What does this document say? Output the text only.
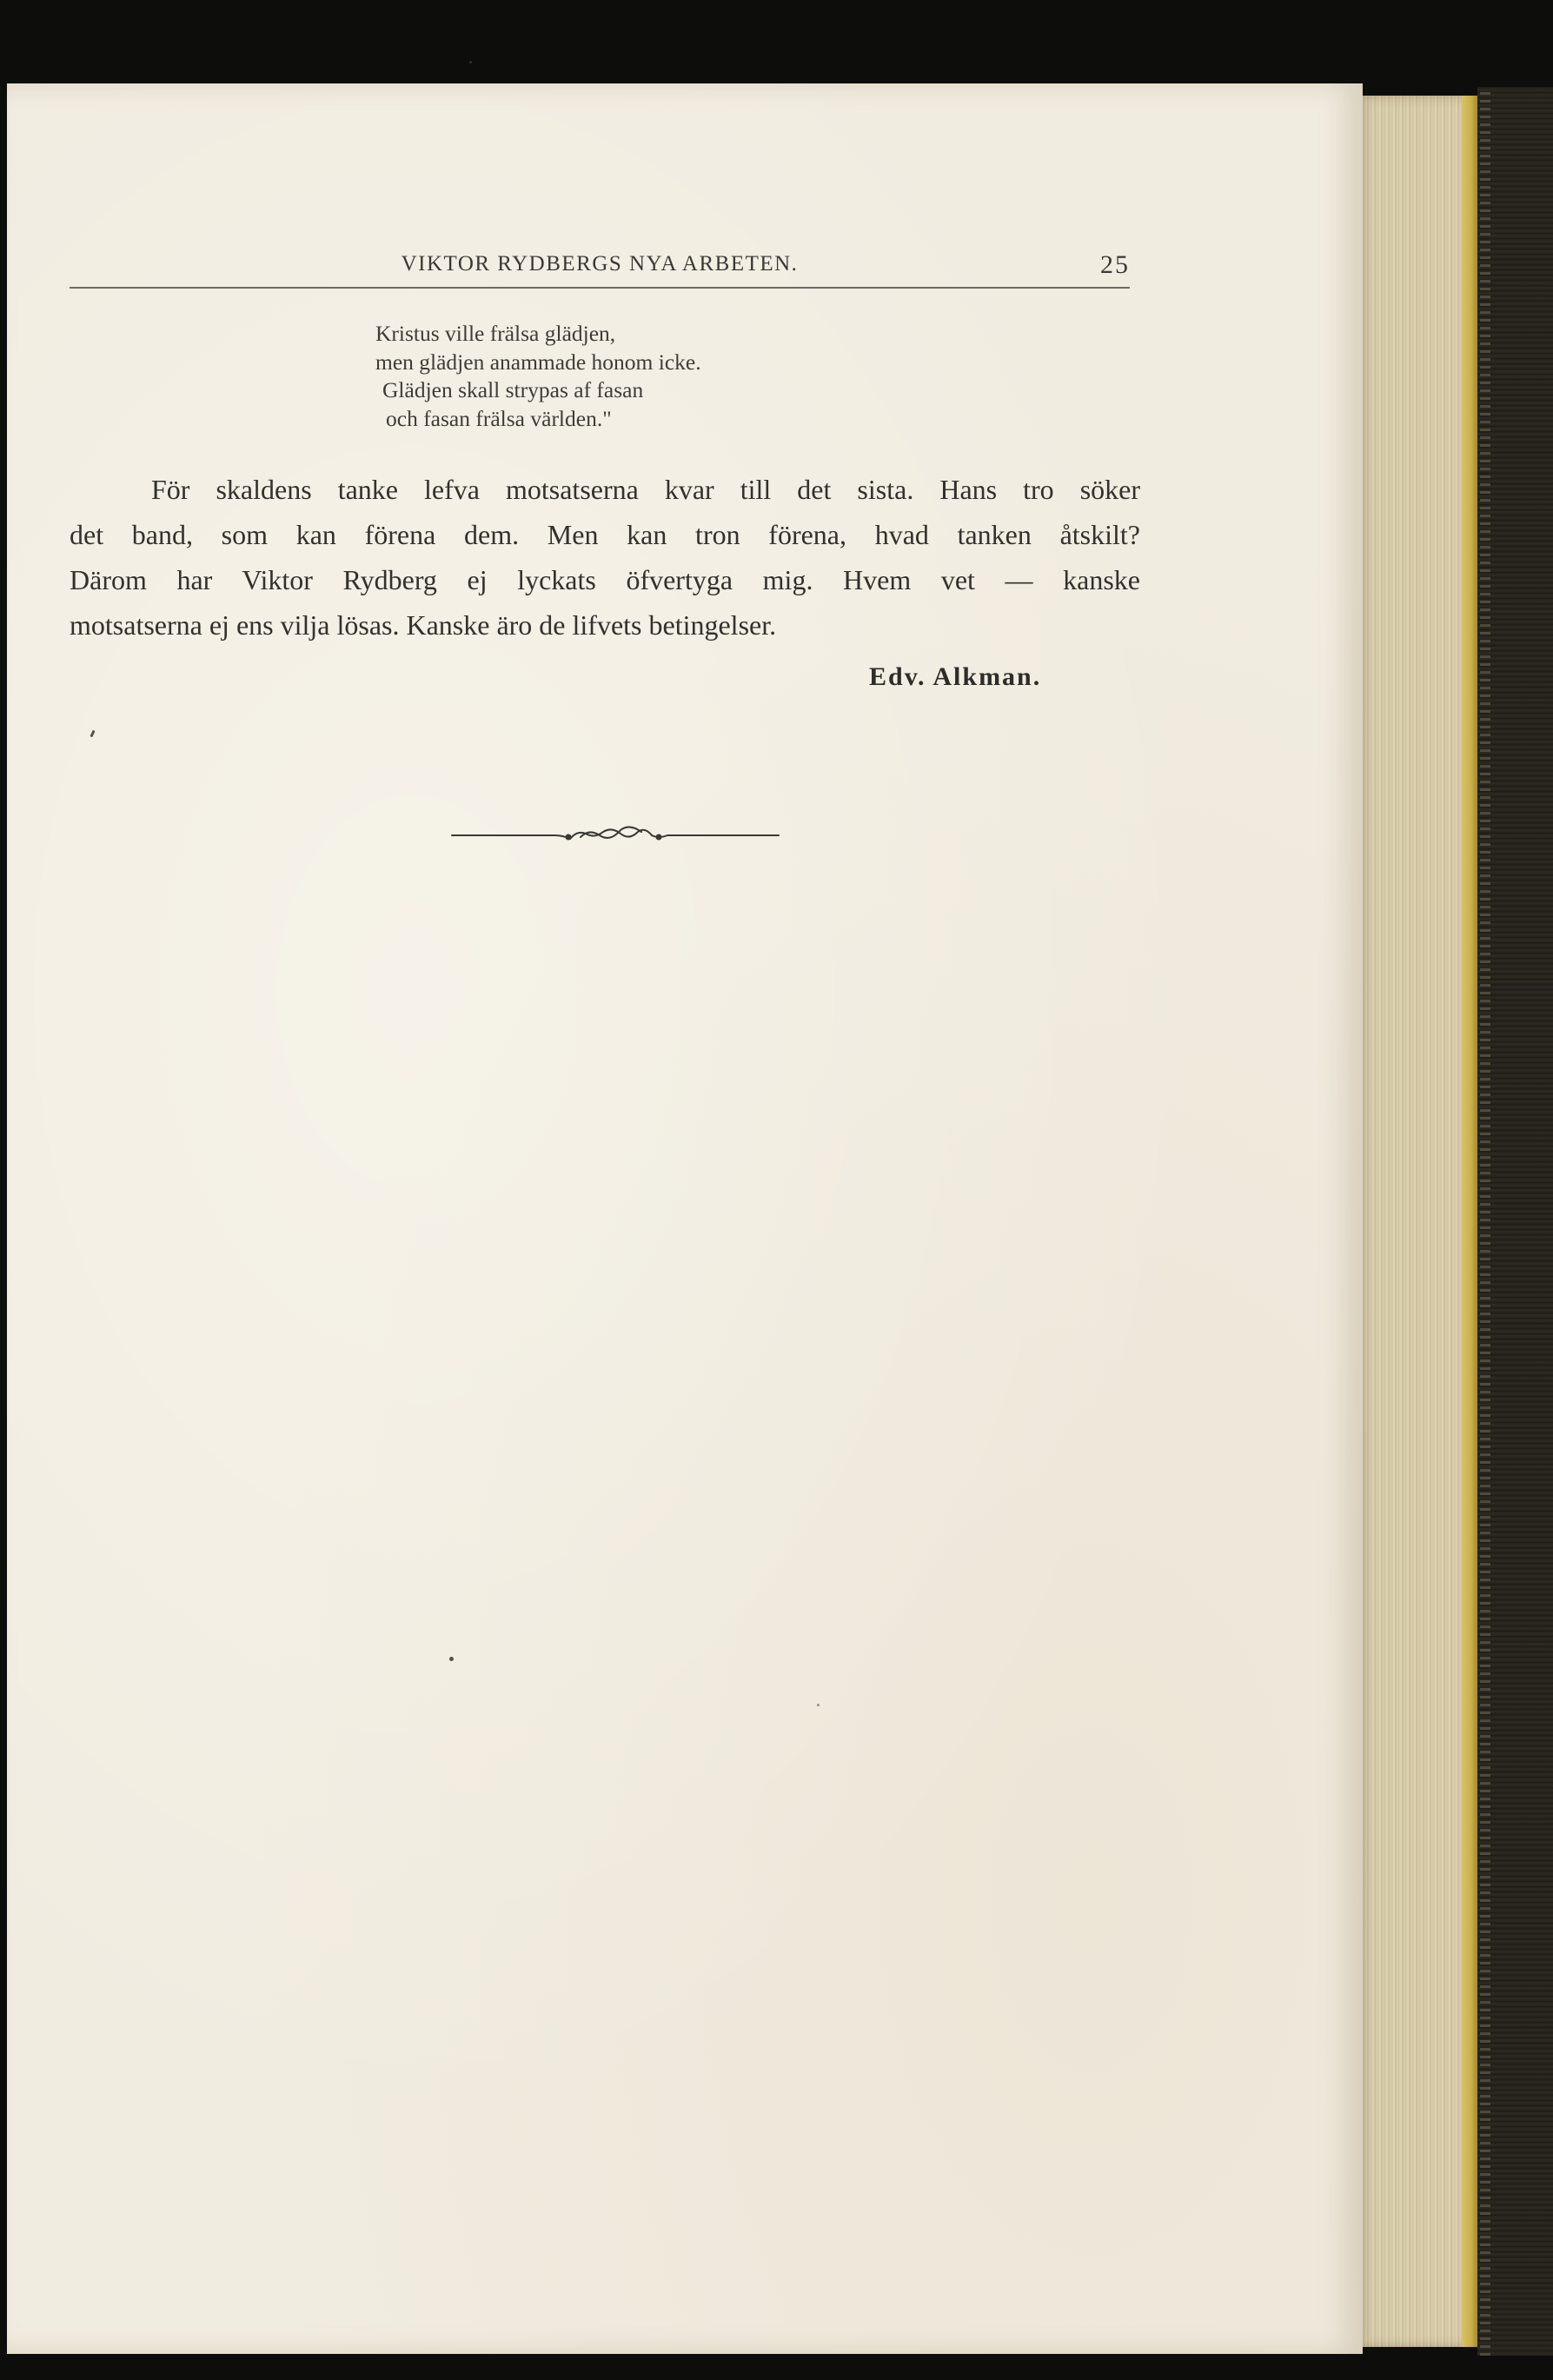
VIKTOR RYDBERGS NYA ARBETEN.	25
Kristus ville frälsa glädjen,
men glädjen anammade honom icke.
Glädjen skall strypas af fasan
och fasan frälsa världen."
För skaldens tanke lefva motsatserna kvar till det sista. Hans tro söker
det band, som kan förena dem. Men kan tron förena, hvad tanken åtskilt?
Därom har Viktor Rydberg ej lyckats öfvertyga mig. Hvem vet — kanske
motsatserna ej ens vilja lösas. Kanske äro de lifvets betingelser.
Edv. Alkman.
